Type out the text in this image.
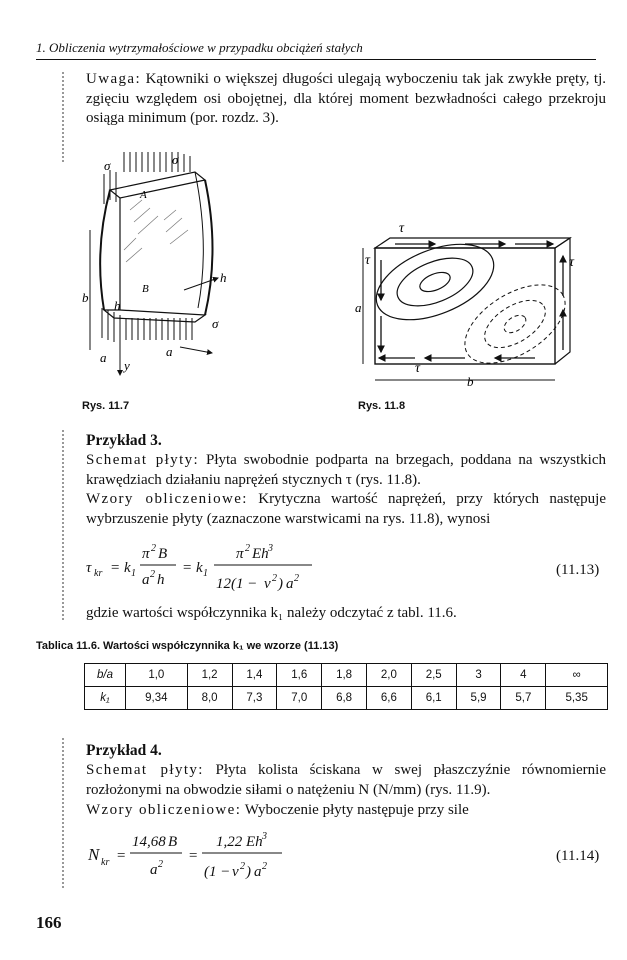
1. Obliczenia wytrzymałościowe w przypadku obciążeń stałych
Uwaga: Kątowniki o większej długości ulegają wyboczeniu tak jak zwykłe pręty, tj. zgięciu względem osi obojętnej, dla której moment bezwładności całego przekroju osiąga minimum (por. rozdz. 3).
σ	σ
σ
A
B
h
h
b
a
a
y
Rys. 11.7
τ
τ	τ
τ
a
b
Rys. 11.8
Przykład 3.
Schemat płyty: Płyta swobodnie podparta na brzegach, poddana na wszystkich krawędziach działaniu naprężeń stycznych τ (rys. 11.8).
Wzory obliczeniowe: Krytyczna wartość naprężeń, przy których następuje wybrzuszenie płyty (zaznaczone warstwicami na rys. 11.8), wynosi
τ kr = k 1
π 2 B
a 2 h
= k 1
π 2 Eh 3
12(1 − ν 2 ) a 2
(11.13)
gdzie wartości współczynnika k₁ należy odczytać z tabl. 11.6.
Tablica 11.6. Wartości współczynnika k₁ we wzorze (11.13)
b/a	1,0	1,2	1,4	1,6	1,8	2,0	2,5	3	4	∞
k₁	9,34	8,0	7,3	7,0	6,8	6,6	6,1	5,9	5,7	5,35
Przykład 4.
Schemat płyty: Płyta kolista ściskana w swej płaszczyźnie równomiernie rozłożonymi na obwodzie siłami o natężeniu N (N/mm) (rys. 11.9).
Wzory obliczeniowe: Wyboczenie płyty następuje przy sile
N kr =
14,68 B
a 2
=
1,22 Eh 3
(1 − ν 2 ) a 2
(11.14)
166
